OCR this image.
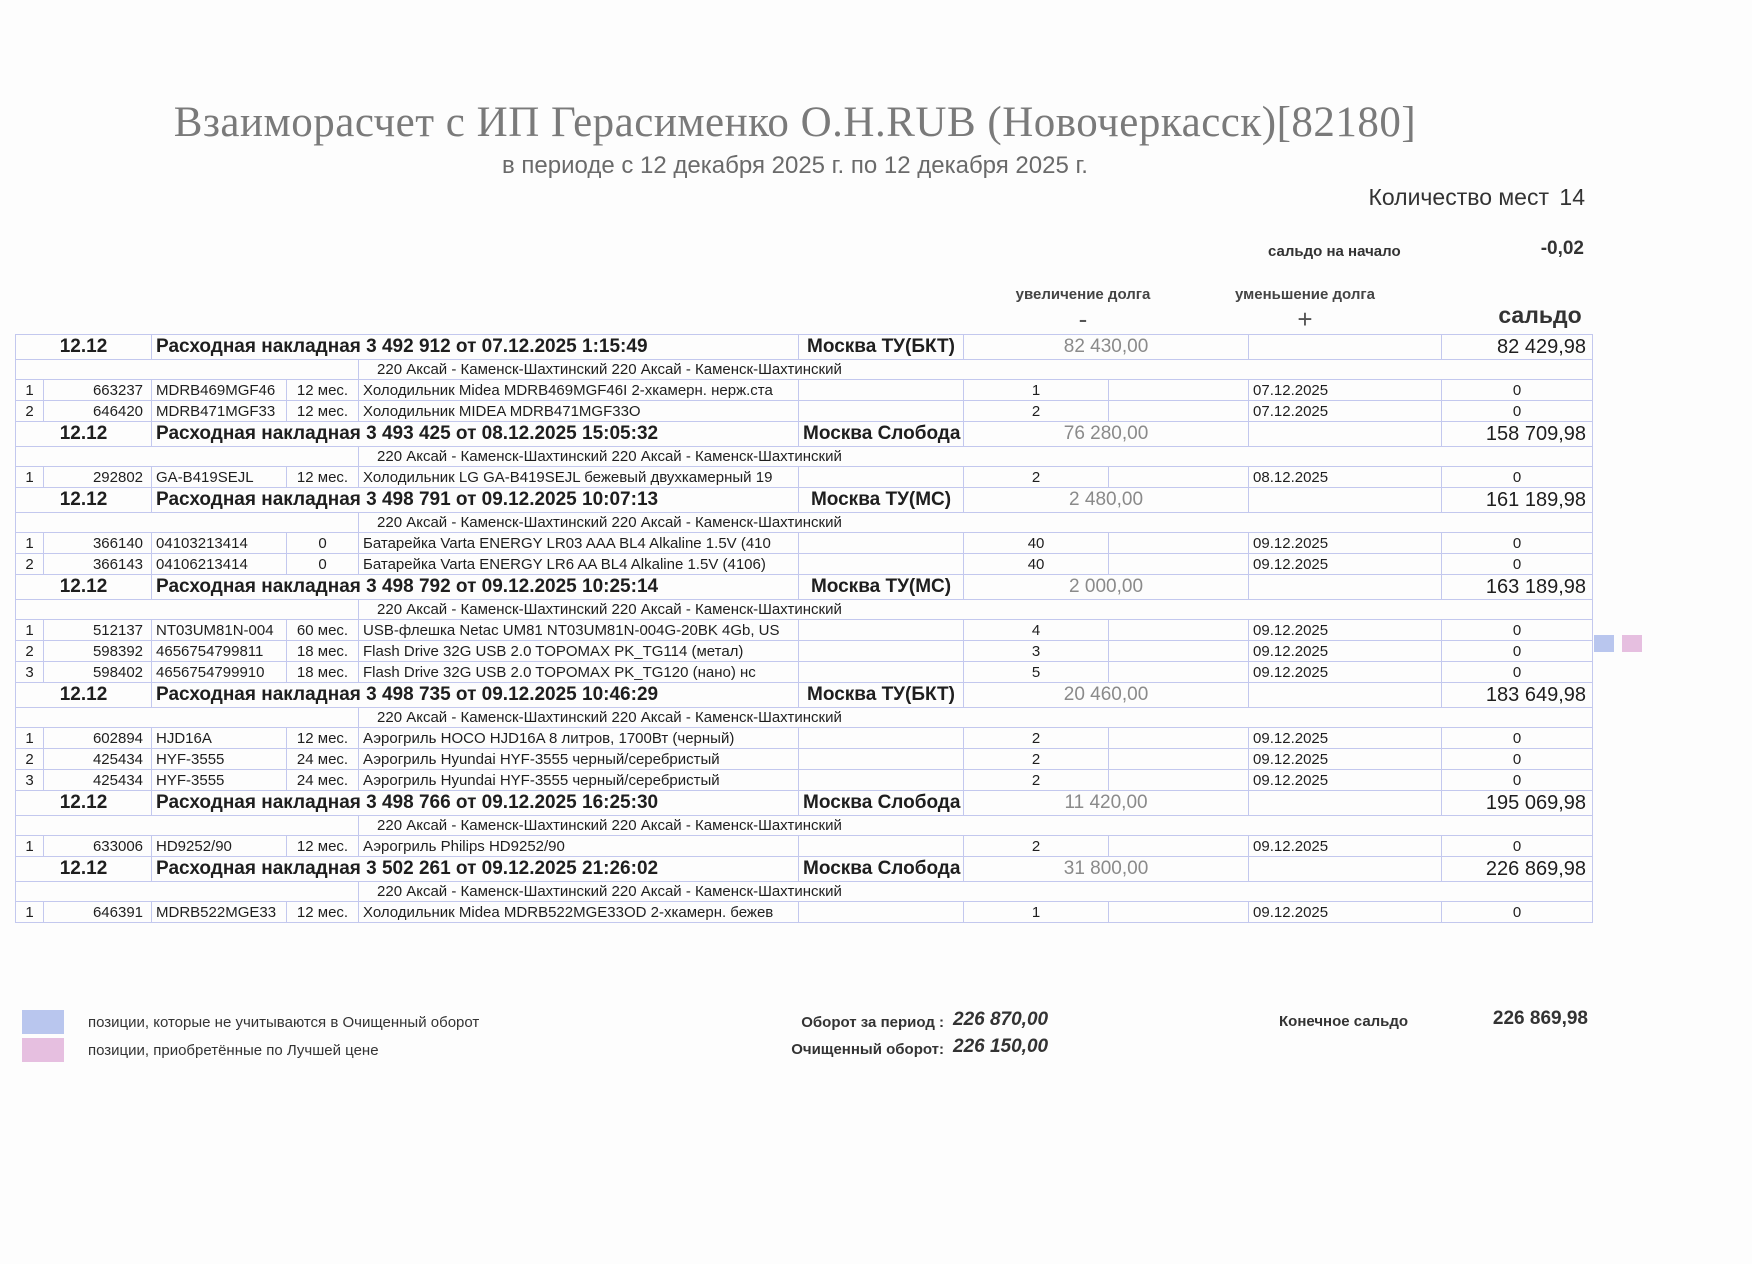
Взаиморасчет с ИП Герасименко О.Н.RUB (Новочеркасск)[82180]
в периоде с 12 декабря 2025 г. по 12 декабря 2025 г.
Количество мест 14
сальдо на начало	-0,02
увеличение долга	уменьшение долга
-	+	сальдо
12.12		Расходная накладная 3 492 912 от 07.12.2025 1:15:49			Москва ТУ(БКТ)	82 430,00			82 429,98
				220 Аксай - Каменск-Шахтинский 220 Аксай - Каменск-Шахтинский					
1	663237	MDRB469MGF46	12 мес.	Холодильник Midea MDRB469MGF46I 2-хкамерн. нерж.ста		1		07.12.2025	0
2	646420	MDRB471MGF33	12 мес.	Холодильник MIDEA MDRB471MGF33O		2		07.12.2025	0
12.12		Расходная накладная 3 493 425 от 08.12.2025 15:05:32			Москва Слобода	76 280,00			158 709,98
				220 Аксай - Каменск-Шахтинский 220 Аксай - Каменск-Шахтинский					
1	292802	GA-B419SEJL	12 мес.	Холодильник LG GA-B419SEJL бежевый двухкамерный 19		2		08.12.2025	0
12.12		Расходная накладная 3 498 791 от 09.12.2025 10:07:13			Москва ТУ(МС)	2 480,00			161 189,98
				220 Аксай - Каменск-Шахтинский 220 Аксай - Каменск-Шахтинский					
1	366140	04103213414	0	Батарейка Varta ENERGY LR03 AAA BL4 Alkaline 1.5V (410		40		09.12.2025	0
2	366143	04106213414	0	Батарейка Varta ENERGY LR6 AA BL4 Alkaline 1.5V (4106)		40		09.12.2025	0
12.12		Расходная накладная 3 498 792 от 09.12.2025 10:25:14			Москва ТУ(МС)	2 000,00			163 189,98
				220 Аксай - Каменск-Шахтинский 220 Аксай - Каменск-Шахтинский					
1	512137	NT03UM81N-004	60 мес.	USB-флешка Netac UM81 NT03UM81N-004G-20BK 4Gb, US		4		09.12.2025	0
2	598392	4656754799811	18 мес.	Flash Drive 32G USB 2.0 TOPOMAX PK_TG114 (метал)		3		09.12.2025	0
3	598402	4656754799910	18 мес.	Flash Drive 32G USB 2.0 TOPOMAX PK_TG120 (нано) нс		5		09.12.2025	0
12.12		Расходная накладная 3 498 735 от 09.12.2025 10:46:29			Москва ТУ(БКТ)	20 460,00			183 649,98
				220 Аксай - Каменск-Шахтинский 220 Аксай - Каменск-Шахтинский					
1	602894	HJD16A	12 мес.	Аэрогриль HOCO HJD16A 8 литров, 1700Вт (черный)		2		09.12.2025	0
2	425434	HYF-3555	24 мес.	Аэрогриль Hyundai HYF-3555 черный/серебристый		2		09.12.2025	0
3	425434	HYF-3555	24 мес.	Аэрогриль Hyundai HYF-3555 черный/серебристый		2		09.12.2025	0
12.12		Расходная накладная 3 498 766 от 09.12.2025 16:25:30			Москва Слобода	11 420,00			195 069,98
				220 Аксай - Каменск-Шахтинский 220 Аксай - Каменск-Шахтинский					
1	633006	HD9252/90	12 мес.	Аэрогриль Philips HD9252/90		2		09.12.2025	0
12.12		Расходная накладная 3 502 261 от 09.12.2025 21:26:02			Москва Слобода	31 800,00			226 869,98
				220 Аксай - Каменск-Шахтинский 220 Аксай - Каменск-Шахтинский					
1	646391	MDRB522MGE33	12 мес.	Холодильник Midea MDRB522MGE33OD 2-хкамерн. бежев		1		09.12.2025	0
позиции, которые не учитываются в Очищенный оборот
позиции, приобретённые по Лучшей цене
Оборот за период : 226 870,00
Очищенный оборот: 226 150,00
Конечное сальдо	226 869,98
